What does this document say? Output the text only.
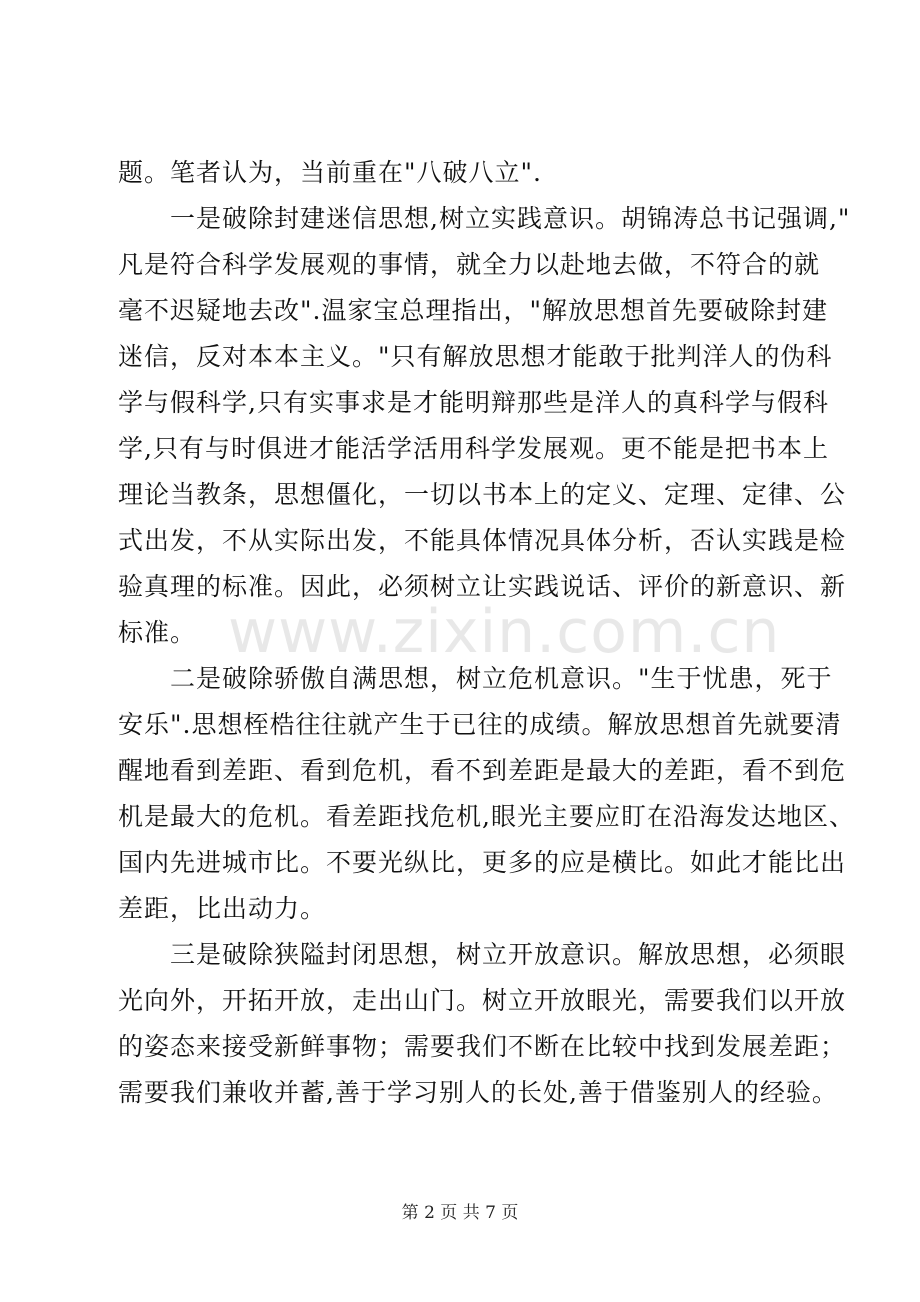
题。笔者认为，当前重在"八破八立".
一是破除封建迷信思想,树立实践意识。胡锦涛总书记强调,"
凡是符合科学发展观的事情，就全力以赴地去做，不符合的就
毫不迟疑地去改".温家宝总理指出，"解放思想首先要破除封建
迷信，反对本本主义。"只有解放思想才能敢于批判洋人的伪科
学与假科学,只有实事求是才能明辩那些是洋人的真科学与假科
学,只有与时俱进才能活学活用科学发展观。更不能是把书本上
理论当教条，思想僵化，一切以书本上的定义、定理、定律、公
式出发，不从实际出发，不能具体情况具体分析，否认实践是检
验真理的标准。因此，必须树立让实践说话、评价的新意识、新
标准。
二是破除骄傲自满思想，树立危机意识。"生于忧患，死于
安乐".思想桎梏往往就产生于已往的成绩。解放思想首先就要清
醒地看到差距、看到危机，看不到差距是最大的差距，看不到危
机是最大的危机。看差距找危机,眼光主要应盯在沿海发达地区、
国内先进城市比。不要光纵比，更多的应是横比。如此才能比出
差距，比出动力。
三是破除狭隘封闭思想，树立开放意识。解放思想，必须眼
光向外，开拓开放，走出山门。树立开放眼光，需要我们以开放
的姿态来接受新鲜事物；需要我们不断在比较中找到发展差距；
需要我们兼收并蓄,善于学习别人的长处,善于借鉴别人的经验。
www.zixin.com.cn
第 2 页 共 7 页
